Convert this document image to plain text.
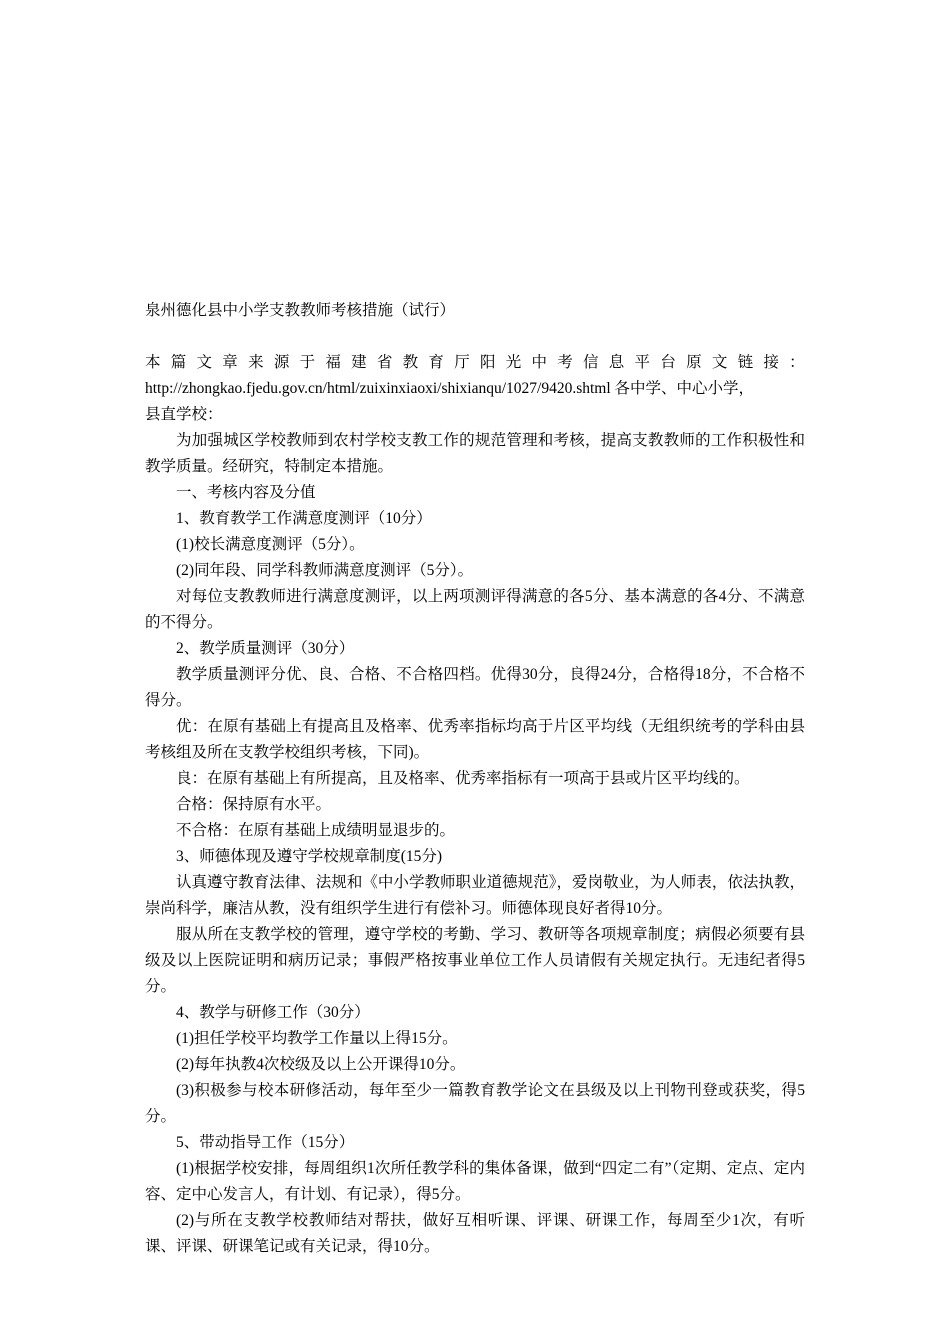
泉州德化县中小学支教教师考核措施（试行）
本 篇 文 章 来 源 于 福 建 省 教 育 厅 阳 光 中 考 信 息 平 台 原 文 链 接 ：
http://zhongkao.fjedu.gov.cn/html/zuixinxiaoxi/shixianqu/1027/9420.shtml 各中学、中心小学，
县直学校：
为加强城区学校教师到农村学校支教工作的规范管理和考核，提高支教教师的工作积极性和教学质量。经研究，特制定本措施。
一、考核内容及分值
1、教育教学工作满意度测评（10分）
(1)校长满意度测评（5分）。
(2)同年段、同学科教师满意度测评（5分）。
对每位支教教师进行满意度测评，以上两项测评得满意的各5分、基本满意的各4分、不满意的不得分。
2、教学质量测评（30分）
教学质量测评分优、良、合格、不合格四档。优得30分，良得24分，合格得18分，不合格不得分。
优：在原有基础上有提高且及格率、优秀率指标均高于片区平均线（无组织统考的学科由县考核组及所在支教学校组织考核，下同)。
良：在原有基础上有所提高，且及格率、优秀率指标有一项高于县或片区平均线的。
合格：保持原有水平。
不合格：在原有基础上成绩明显退步的。
3、师德体现及遵守学校规章制度(15分)
认真遵守教育法律、法规和《中小学教师职业道德规范》，爱岗敬业，为人师表，依法执教，崇尚科学，廉洁从教，没有组织学生进行有偿补习。师德体现良好者得10分。
服从所在支教学校的管理，遵守学校的考勤、学习、教研等各项规章制度；病假必须要有县级及以上医院证明和病历记录；事假严格按事业单位工作人员请假有关规定执行。无违纪者得5分。
4、教学与研修工作（30分）
(1)担任学校平均教学工作量以上得15分。
(2)每年执教4次校级及以上公开课得10分。
(3)积极参与校本研修活动，每年至少一篇教育教学论文在县级及以上刊物刊登或获奖，得5分。
5、带动指导工作（15分）
(1)根据学校安排，每周组织1次所任教学科的集体备课，做到“四定二有”（定期、定点、定内容、定中心发言人，有计划、有记录），得5分。
(2)与所在支教学校教师结对帮扶，做好互相听课、评课、研课工作，每周至少1次，有听课、评课、研课笔记或有关记录，得10分。
